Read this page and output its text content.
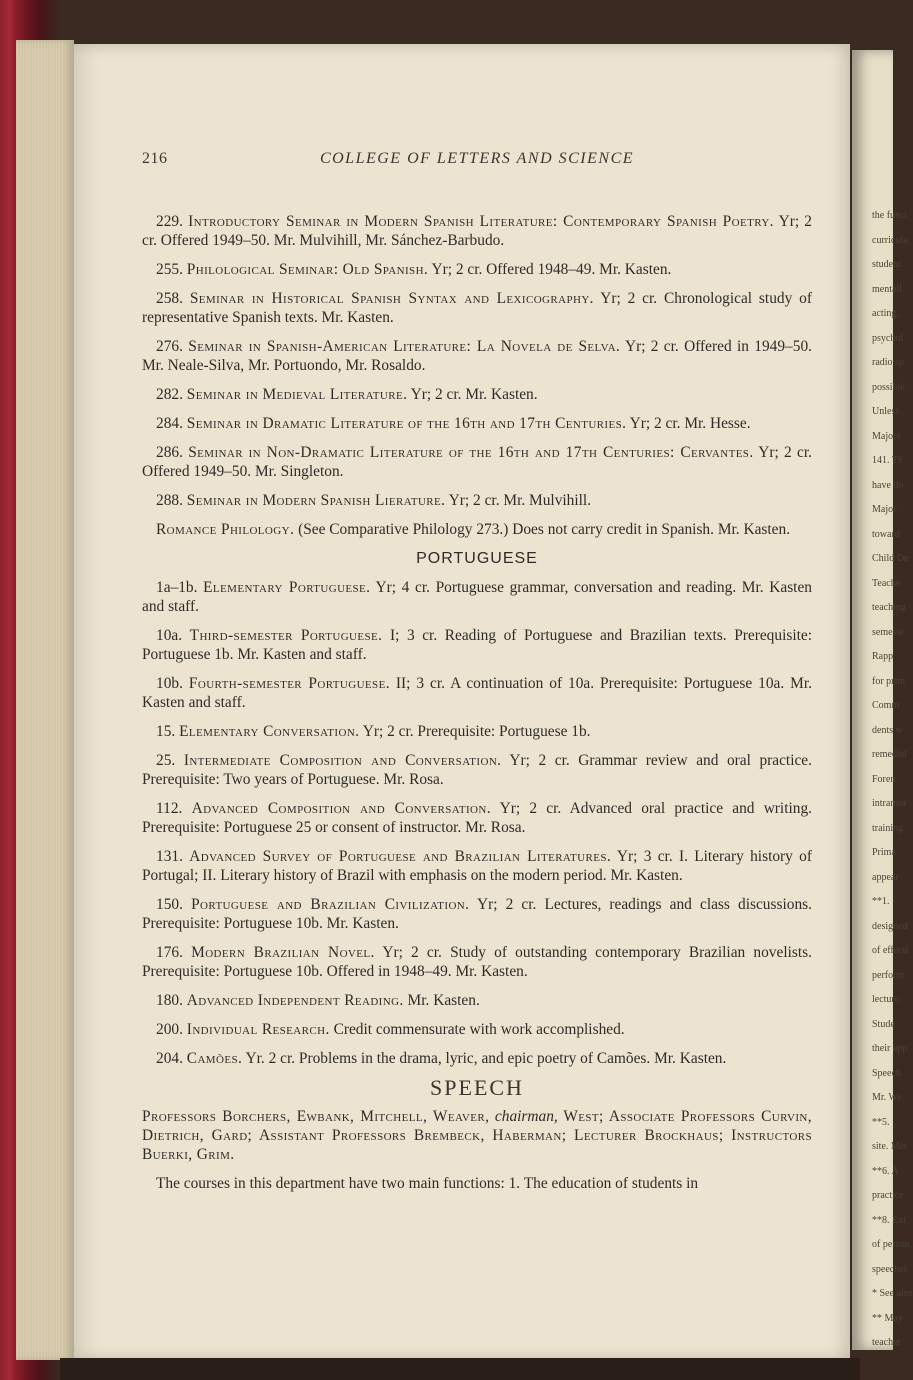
the funct
curricula
student
mentall
acting,
psychol
radio sp
possible
Unless
Majors
141. Th
have do
Major
toward
Child De
Teache
teaching
semeste
Rapp
for prim
Comm
dents w
remedial
Foren
intramur
training
Prima
appear
**1.
designed
of effecti
perform
lecture
Stude
their app
Speech
Mr. We
**5.
site. Mis
**6. A
practice
**8. Ext
of person
speeches
* See also
** May
teacher
216	COLLEGE OF LETTERS AND SCIENCE

229. Introductory Seminar in Modern Spanish Literature: Contemporary Spanish Poetry. Yr; 2 cr. Offered 1949–50. Mr. Mulvihill, Mr. Sánchez-Barbudo.

255. Philological Seminar: Old Spanish. Yr; 2 cr. Offered 1948–49. Mr. Kasten.

258. Seminar in Historical Spanish Syntax and Lexicography. Yr; 2 cr. Chronological study of representative Spanish texts. Mr. Kasten.

276. Seminar in Spanish-American Literature: La Novela de Selva. Yr; 2 cr. Offered in 1949–50. Mr. Neale-Silva, Mr. Portuondo, Mr. Rosaldo.

282. Seminar in Medieval Literature. Yr; 2 cr. Mr. Kasten.

284. Seminar in Dramatic Literature of the 16th and 17th Centuries. Yr; 2 cr. Mr. Hesse.

286. Seminar in Non-Dramatic Literature of the 16th and 17th Centuries: Cervantes. Yr; 2 cr. Offered 1949–50. Mr. Singleton.

288. Seminar in Modern Spanish Lierature. Yr; 2 cr. Mr. Mulvihill.

Romance Philology. (See Comparative Philology 273.) Does not carry credit in Spanish. Mr. Kasten.

PORTUGUESE

1a–1b. Elementary Portuguese. Yr; 4 cr. Portuguese grammar, conversation and reading. Mr. Kasten and staff.

10a. Third-semester Portuguese. I; 3 cr. Reading of Portuguese and Brazilian texts. Prerequisite: Portuguese 1b. Mr. Kasten and staff.

10b. Fourth-semester Portuguese. II; 3 cr. A continuation of 10a. Prerequisite: Portuguese 10a. Mr. Kasten and staff.

15. Elementary Conversation. Yr; 2 cr. Prerequisite: Portuguese 1b.

25. Intermediate Composition and Conversation. Yr; 2 cr. Grammar review and oral practice. Prerequisite: Two years of Portuguese. Mr. Rosa.

112. Advanced Composition and Conversation. Yr; 2 cr. Advanced oral practice and writing. Prerequisite: Portuguese 25 or consent of instructor. Mr. Rosa.

131. Advanced Survey of Portuguese and Brazilian Literatures. Yr; 3 cr. I. Literary history of Portugal; II. Literary history of Brazil with emphasis on the modern period. Mr. Kasten.

150. Portuguese and Brazilian Civilization. Yr; 2 cr. Lectures, readings and class discussions. Prerequisite: Portuguese 10b. Mr. Kasten.

176. Modern Brazilian Novel. Yr; 2 cr. Study of outstanding contemporary Brazilian novelists. Prerequisite: Portuguese 10b. Offered in 1948–49. Mr. Kasten.

180. Advanced Independent Reading. Mr. Kasten.

200. Individual Research. Credit commensurate with work accomplished.

204. Camões. Yr. 2 cr. Problems in the drama, lyric, and epic poetry of Camões. Mr. Kasten.

SPEECH

Professors Borchers, Ewbank, Mitchell, Weaver, chairman, West; Associate Professors Curvin, Dietrich, Gard; Assistant Professors Brembeck, Haberman; Lecturer Brockhaus; Instructors Buerki, Grim.

The courses in this department have two main functions: 1. The education of students in
